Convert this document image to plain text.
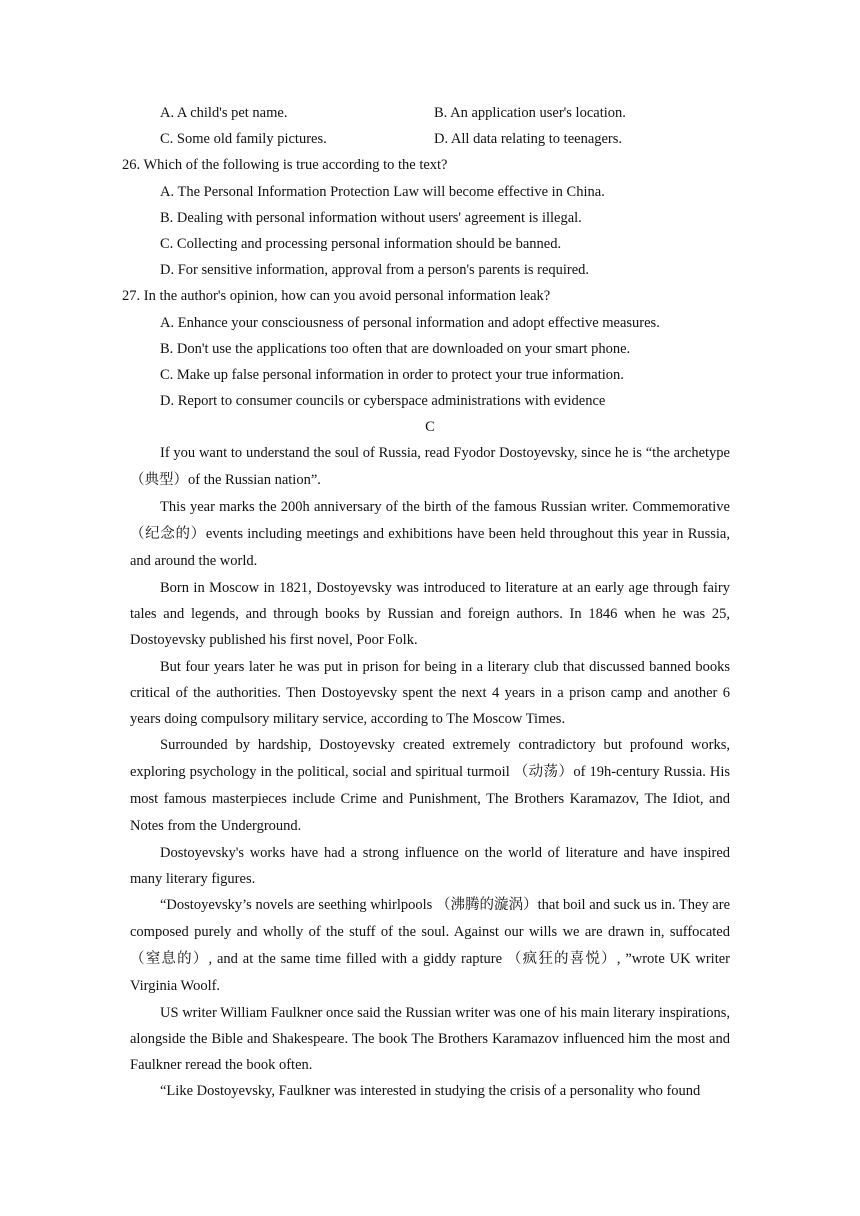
A. A child's pet name.	B. An application user's location.
C. Some old family pictures.	D. All data relating to teenagers.
26. Which of the following is true according to the text?
A. The Personal Information Protection Law will become effective in China.
B. Dealing with personal information without users' agreement is illegal.
C. Collecting and processing personal information should be banned.
D. For sensitive information, approval from a person's parents is required.
27. In the author's opinion, how can you avoid personal information leak?
A. Enhance your consciousness of personal information and adopt effective measures.
B. Don't use the applications too often that are downloaded on your smart phone.
C. Make up false personal information in order to protect your true information.
D. Report to consumer councils or cyberspace administrations with evidence
C

If you want to understand the soul of Russia, read Fyodor Dostoyevsky, since he is “the archetype （典型）of the Russian nation”.

This year marks the 200h anniversary of the birth of the famous Russian writer. Commemorative（纪念的）events including meetings and exhibitions have been held throughout this year in Russia, and around the world.

Born in Moscow in 1821, Dostoyevsky was introduced to literature at an early age through fairy tales and legends, and through books by Russian and foreign authors. In 1846 when he was 25, Dostoyevsky published his first novel, Poor Folk.

But four years later he was put in prison for being in a literary club that discussed banned books critical of the authorities. Then Dostoyevsky spent the next 4 years in a prison camp and another 6 years doing compulsory military service, according to The Moscow Times.

Surrounded by hardship, Dostoyevsky created extremely contradictory but profound works, exploring psychology in the political, social and spiritual turmoil （动荡）of 19h-century Russia. His most famous masterpieces include Crime and Punishment, The Brothers Karamazov, The Idiot, and Notes from the Underground.

Dostoyevsky's works have had a strong influence on the world of literature and have inspired many literary figures.

“Dostoyevsky’s novels are seething whirlpools （沸腾的漩涡）that boil and suck us in. They are composed purely and wholly of the stuff of the soul. Against our wills we are drawn in, suffocated （窒息的）, and at the same time filled with a giddy rapture （疯狂的喜悦）, ”wrote UK writer Virginia Woolf.

US writer William Faulkner once said the Russian writer was one of his main literary inspirations, alongside the Bible and Shakespeare. The book The Brothers Karamazov influenced him the most and Faulkner reread the book often.

“Like Dostoyevsky, Faulkner was interested in studying the crisis of a personality who found
